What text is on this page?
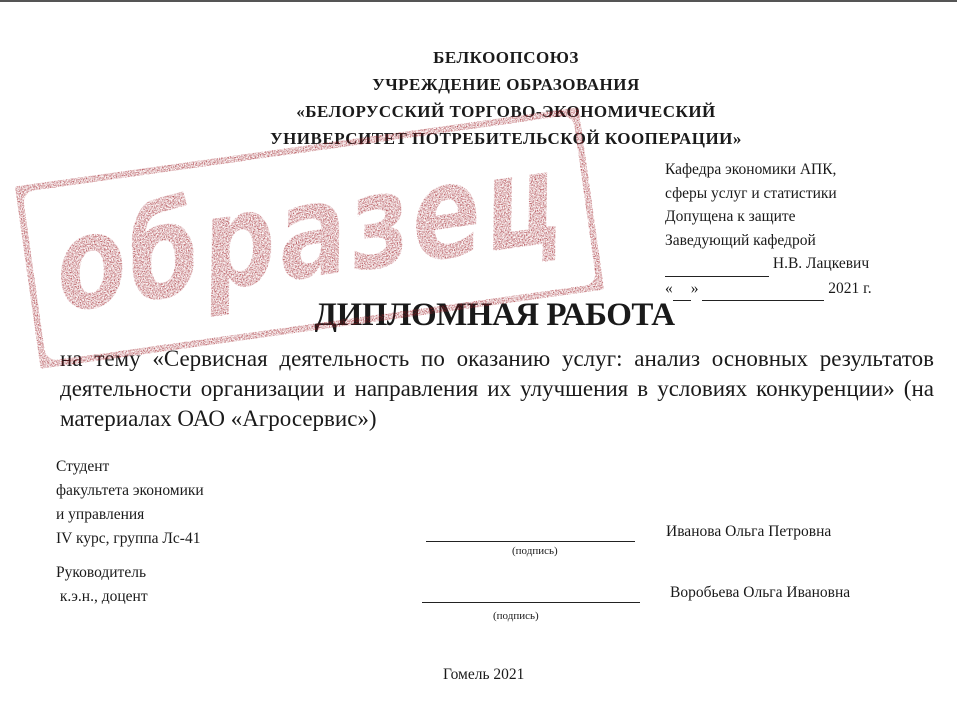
БЕЛКООПСОЮЗ
УЧРЕЖДЕНИЕ ОБРАЗОВАНИЯ
«БЕЛОРУССКИЙ ТОРГОВО-ЭКОНОМИЧЕСКИЙ
УНИВЕРСИТЕТ ПОТРЕБИТЕЛЬСКОЙ КООПЕРАЦИИ»
Кафедра экономики АПК,
сферы услуг и статистики
Допущена к защите
Заведующий кафедрой
Н.В. Лацкевич
« »	2021 г.
ДИПЛОМНАЯ РАБОТА
на тему «Сервисная деятельность по оказанию услуг: анализ основных результатов деятельности организации и направления их улучшения в условиях конкуренции» (на материалах ОАО «Агросервис»)
Студент
факультета экономики
и управления
IV курс, группа Лс-41
(подпись)
Иванова Ольга Петровна
Руководитель
к.э.н., доцент
(подпись)
Воробьева Ольга Ивановна
Гомель 2021
образец
